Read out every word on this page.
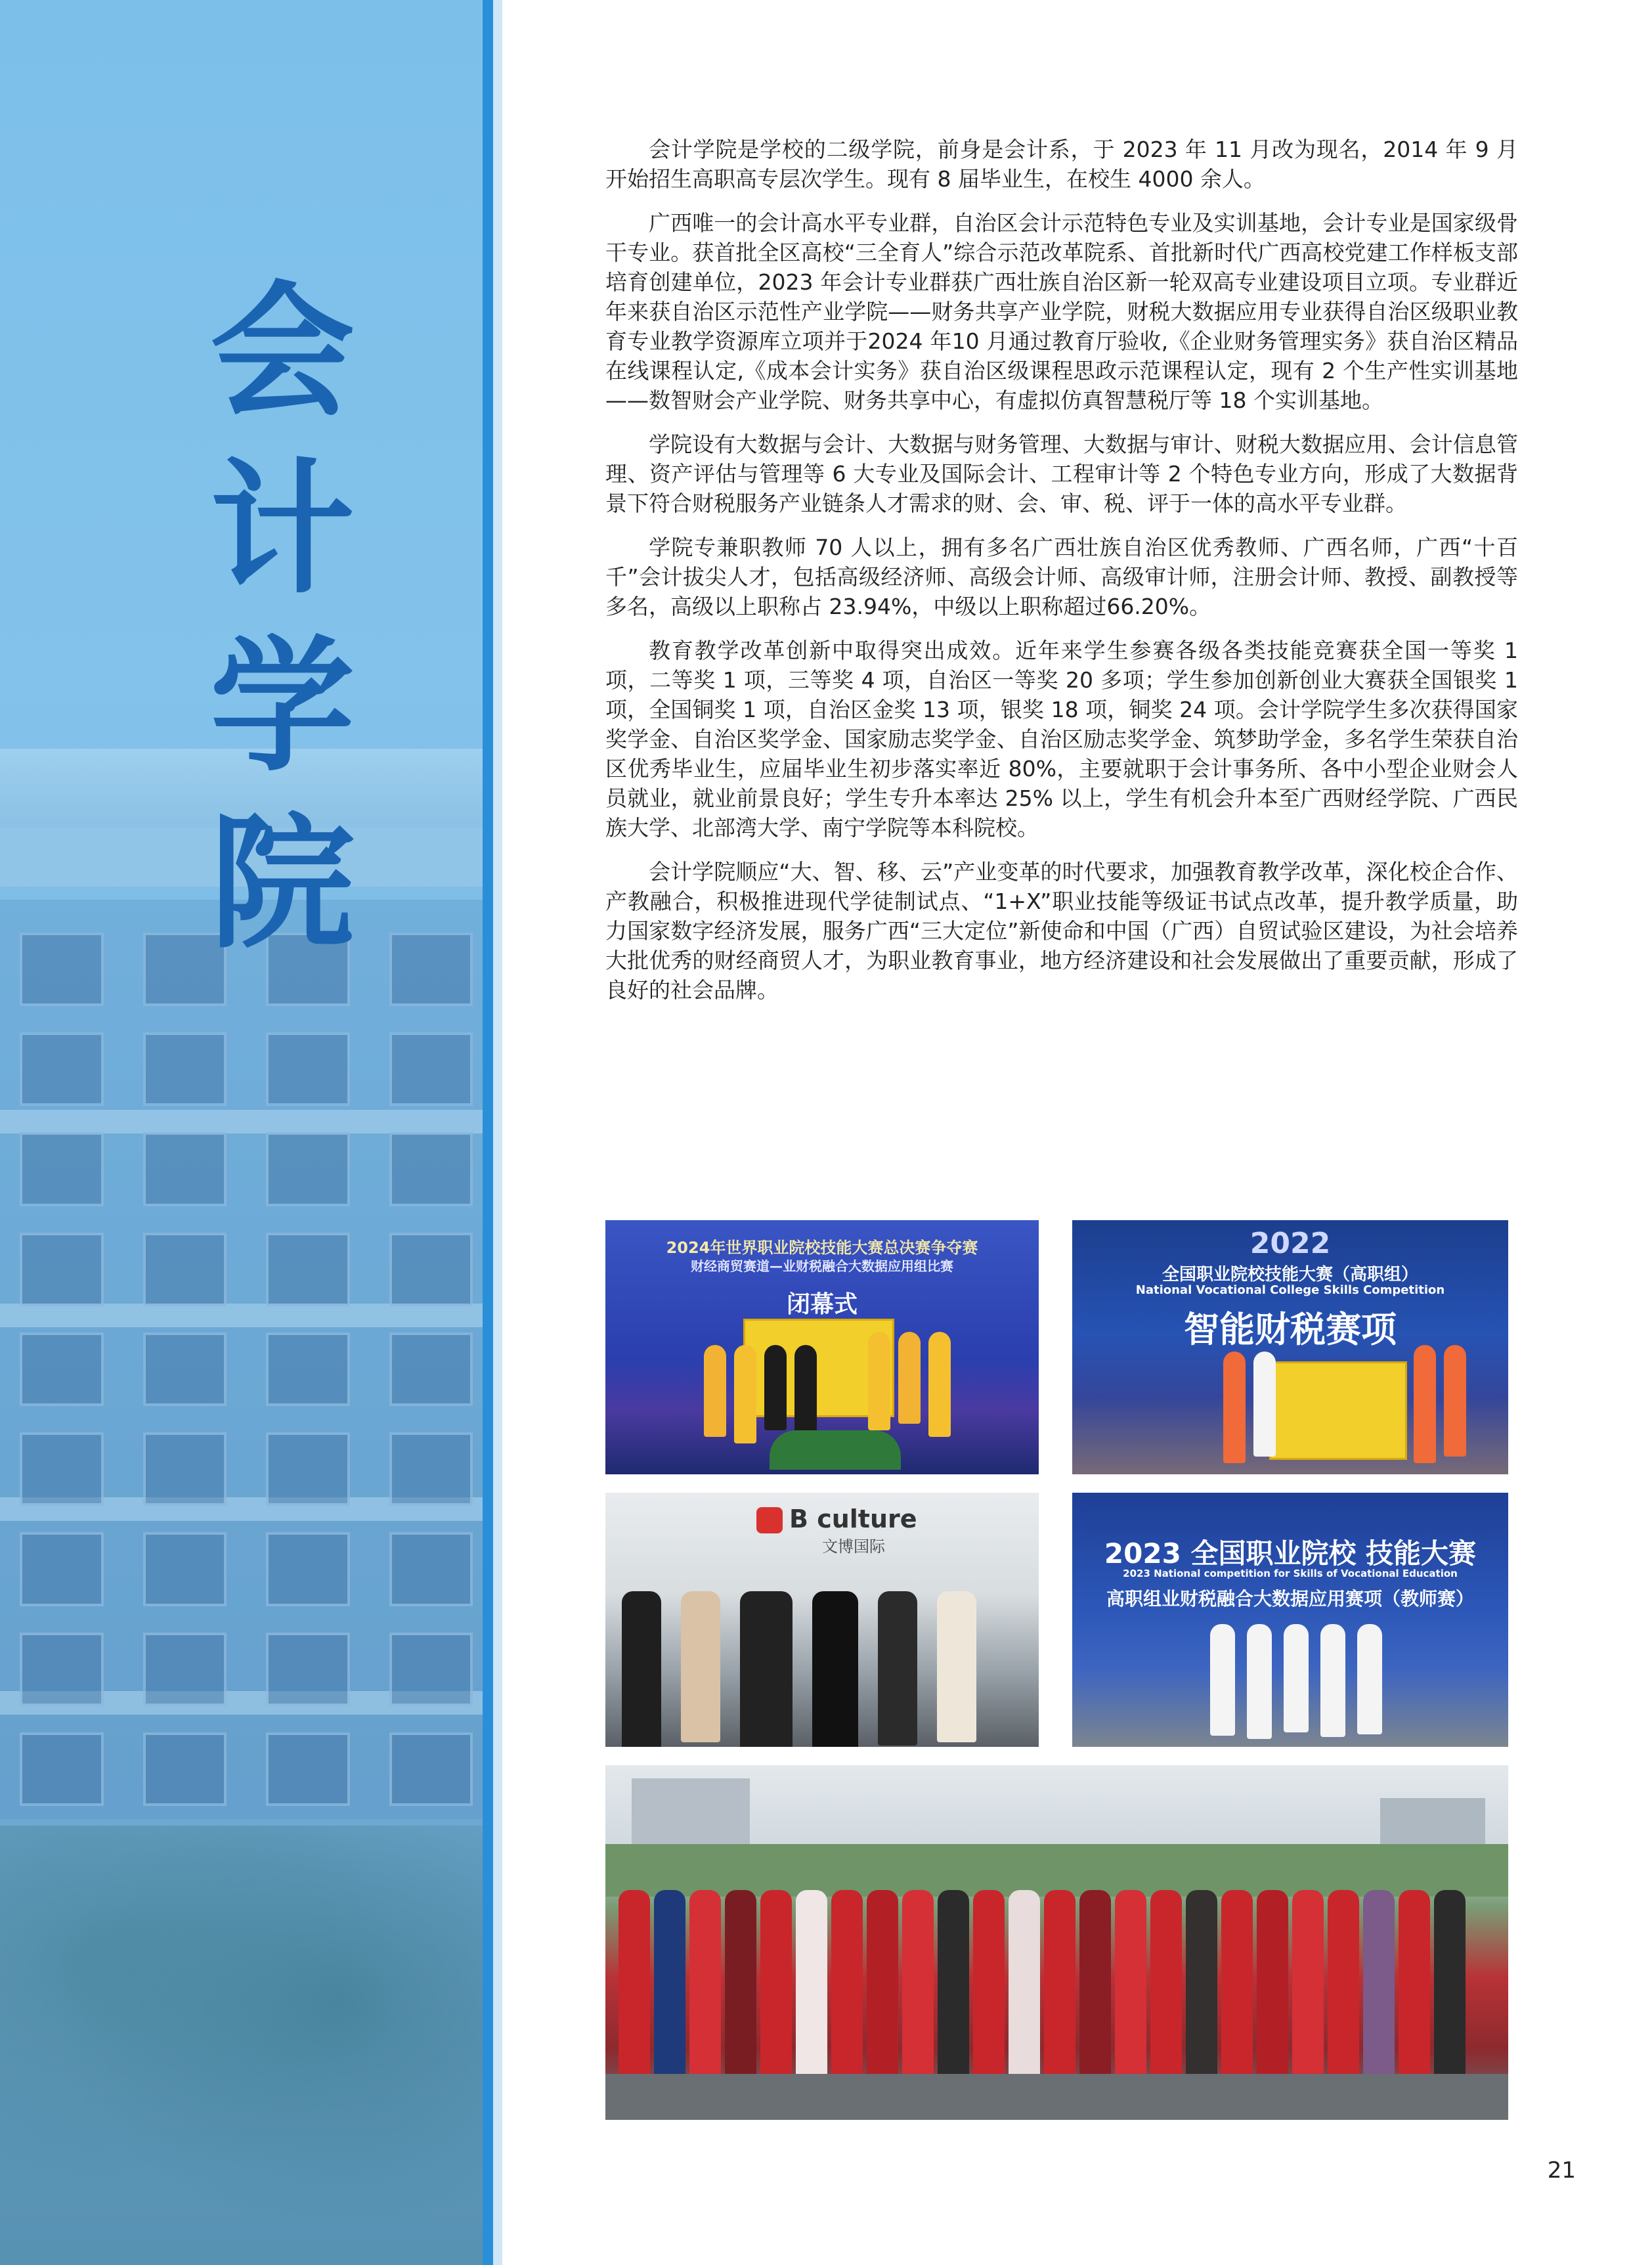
会计学院

会计学院是学校的二级学院，前身是会计系，于 2023 年 11 月改为现名，2014 年 9 月开始招生高职高专层次学生。现有 8 届毕业生，在校生 4000 余人。

广西唯一的会计高水平专业群，自治区会计示范特色专业及实训基地，会计专业是国家级骨干专业。获首批全区高校“三全育人”综合示范改革院系、首批新时代广西高校党建工作样板支部培育创建单位，2023 年会计专业群获广西壮族自治区新一轮双高专业建设项目立项。专业群近年来获自治区示范性产业学院——财务共享产业学院，财税大数据应用专业获得自治区级职业教育专业教学资源库立项并于2024 年10 月通过教育厅验收,《企业财务管理实务》获自治区精品在线课程认定,《成本会计实务》获自治区级课程思政示范课程认定，现有 2 个生产性实训基地——数智财会产业学院、财务共享中心，有虚拟仿真智慧税厅等 18 个实训基地。

学院设有大数据与会计、大数据与财务管理、大数据与审计、财税大数据应用、会计信息管理、资产评估与管理等 6 大专业及国际会计、工程审计等 2 个特色专业方向，形成了大数据背景下符合财税服务产业链条人才需求的财、会、审、税、评于一体的高水平专业群。

学院专兼职教师 70 人以上，拥有多名广西壮族自治区优秀教师、广西名师，广西“十百千”会计拔尖人才，包括高级经济师、高级会计师、高级审计师，注册会计师、教授、副教授等多名，高级以上职称占 23.94%，中级以上职称超过66.20%。

教育教学改革创新中取得突出成效。近年来学生参赛各级各类技能竞赛获全国一等奖 1 项，二等奖 1 项，三等奖 4 项，自治区一等奖 20 多项；学生参加创新创业大赛获全国银奖 1 项，全国铜奖 1 项，自治区金奖 13 项，银奖 18 项，铜奖 24 项。会计学院学生多次获得国家奖学金、自治区奖学金、国家励志奖学金、自治区励志奖学金、筑梦助学金，多名学生荣获自治区优秀毕业生，应届毕业生初步落实率近 80%，主要就职于会计事务所、各中小型企业财会人员就业，就业前景良好；学生专升本率达 25% 以上，学生有机会升本至广西财经学院、广西民族大学、北部湾大学、南宁学院等本科院校。

会计学院顺应“大、智、移、云”产业变革的时代要求，加强教育教学改革，深化校企合作、产教融合，积极推进现代学徒制试点、“1+X”职业技能等级证书试点改革，提升教学质量，助力国家数字经济发展，服务广西“三大定位”新使命和中国（广西）自贸试验区建设，为社会培养大批优秀的财经商贸人才，为职业教育事业，地方经济建设和社会发展做出了重要贡献，形成了良好的社会品牌。

2024年世界职业院校技能大赛总决赛争夺赛
财经商贸赛道—业财税融合大数据应用组比赛
闭幕式
2022
全国职业院校技能大赛（高职组）
National Vocational College Skills Competition
智能财税赛项
B culture
文博国际	2023 全国职业院校 技能大赛
2023 National competition for Skills of Vocational Education
高职组业财税融合大数据应用赛项（教师赛）
21
